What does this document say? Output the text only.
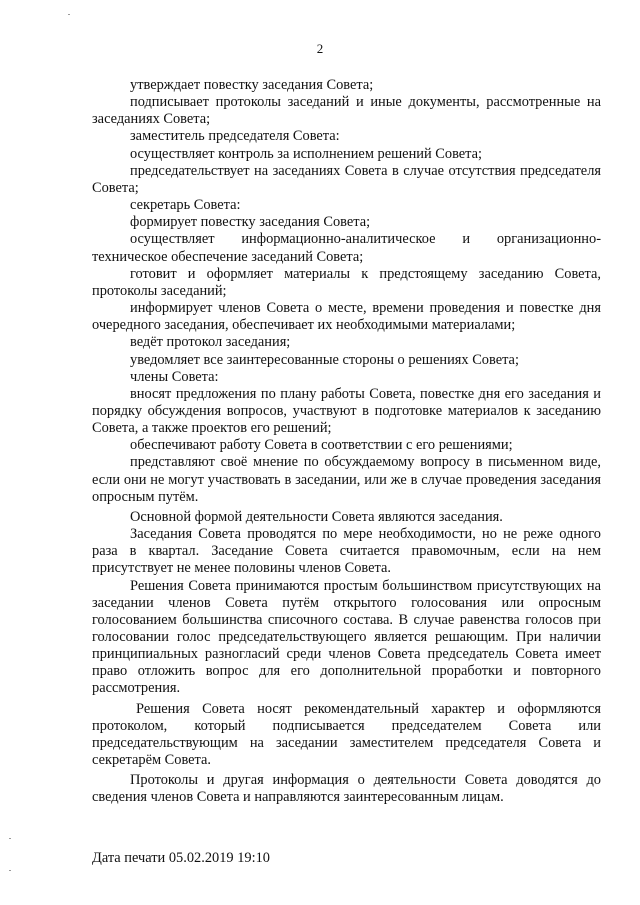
2

утверждает повестку заседания Совета;

подписывает протоколы заседаний и иные документы, рассмотренные на заседаниях Совета;

заместитель председателя Совета:

осуществляет контроль за исполнением решений Совета;

председательствует на заседаниях Совета в случае отсутствия председателя Совета;

секретарь Совета:

формирует повестку заседания Совета;

осуществляет информационно-аналитическое и организационно-техническое обеспечение заседаний Совета;

готовит и оформляет материалы к предстоящему заседанию Совета, протоколы заседаний;

информирует членов Совета о месте, времени проведения и повестке дня очередного заседания, обеспечивает их необходимыми материалами;

ведёт протокол заседания;

уведомляет все заинтересованные стороны о решениях Совета;

члены Совета:

вносят предложения по плану работы Совета, повестке дня его заседания и порядку обсуждения вопросов, участвуют в подготовке материалов к заседанию Совета, а также проектов его решений;

обеспечивают работу Совета в соответствии с его решениями;

представляют своё мнение по обсуждаемому вопросу в письменном виде, если они не могут участвовать в заседании, или же в случае проведения заседания опросным путём.

Основной формой деятельности Совета являются заседания.

Заседания Совета проводятся по мере необходимости, но не реже одного раза в квартал. Заседание Совета считается правомочным, если на нем присутствует не менее половины членов Совета.

Решения Совета принимаются простым большинством присутствующих на заседании членов Совета путём открытого голосования или опросным голосованием большинства списочного состава. В случае равенства голосов при голосовании голос председательствующего является решающим. При наличии принципиальных разногласий среди членов Совета председатель Совета имеет право отложить вопрос для его дополнительной проработки и повторного рассмотрения.

Решения Совета носят рекомендательный характер и оформляются протоколом, который подписывается председателем Совета или председательствующим на заседании заместителем председателя Совета и секретарём Совета.

Протоколы и другая информация о деятельности Совета доводятся до сведения членов Совета и направляются заинтересованным лицам.

Дата печати 05.02.2019 19:10
